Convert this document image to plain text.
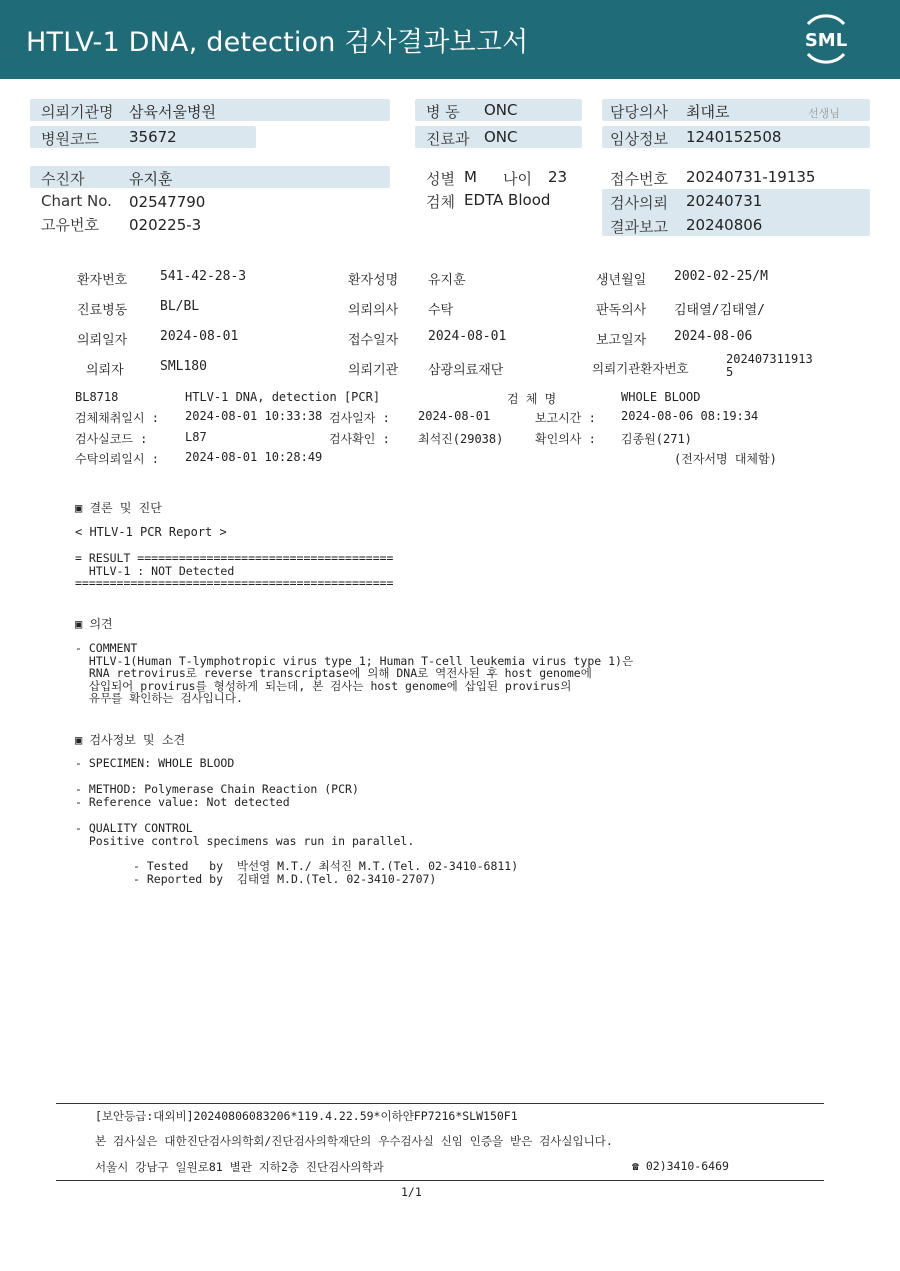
HTLV-1 DNA, detection 검사결과보고서	SML
의뢰기관명 삼육서울병원
병원코드 35672
병 동 ONC
진료과 ONC
담당의사 최대로	선생님
임상정보 1240152508
수진자	유지훈
Chart No. 02547790
고유번호 020225-3
성별 M 나이 23
검체 EDTA Blood
접수번호 20240731-19135
검사의뢰 20240731
결과보고 20240806
환자번호	541-42-28-3	환자성명 유지훈	생년월일 2002-02-25/M
진료병동	BL/BL	의뢰의사 수탁	판독의사 김태열/김태열/
의뢰일자	2024-08-01	접수일자 2024-08-01	보고일자 2024-08-06
의뢰자	SML180	의뢰기관 삼광의료재단	의뢰기관환자번호
202407311913
5
BL8718	HTLV-1 DNA, detection [PCR]	검 체 명	WHOLE BLOOD
검체채취일시 : 2024-08-01 10:33:38 검사일자 : 2024-08-01	보고시간 : 2024-08-06 08:19:34
검사실코드 :	L87	검사확인 : 최석진(29038)	확인의사 : 김종원(271)
수탁의뢰일시 : 2024-08-01 10:28:49	(전자서명 대체함)
▣ 결론 및 진단
< HTLV-1 PCR Report >
= RESULT =====================================
HTLV-1 : NOT Detected
==============================================
▣ 의견
- COMMENT
HTLV-1(Human T-lymphotropic virus type 1; Human T-cell leukemia virus type 1)은
RNA retrovirus로 reverse transcriptase에 의해 DNA로 역전사된 후 host genome에
삽입되어 provirus를 형성하게 되는데, 본 검사는 host genome에 삽입된 provirus의
유무를 확인하는 검사입니다.
▣ 검사정보 및 소견
- SPECIMEN: WHOLE BLOOD
- METHOD: Polymerase Chain Reaction (PCR)
- Reference value: Not detected
- QUALITY CONTROL
Positive control specimens was run in parallel.
- Tested   by  박선영 M.T./ 최석진 M.T.(Tel. 02-3410-6811)
- Reported by  김태열 M.D.(Tel. 02-3410-2707)
[보안등급:대외비]20240806083206*119.4.22.59*이하얀FP7216*SLW150F1
본 검사실은 대한진단검사의학회/진단검사의학재단의 우수검사실 신임 인증을 받은 검사실입니다.
서울시 강남구 일원로81 별관 지하2층 진단검사의학과	☎ 02)3410-6469
1/1
